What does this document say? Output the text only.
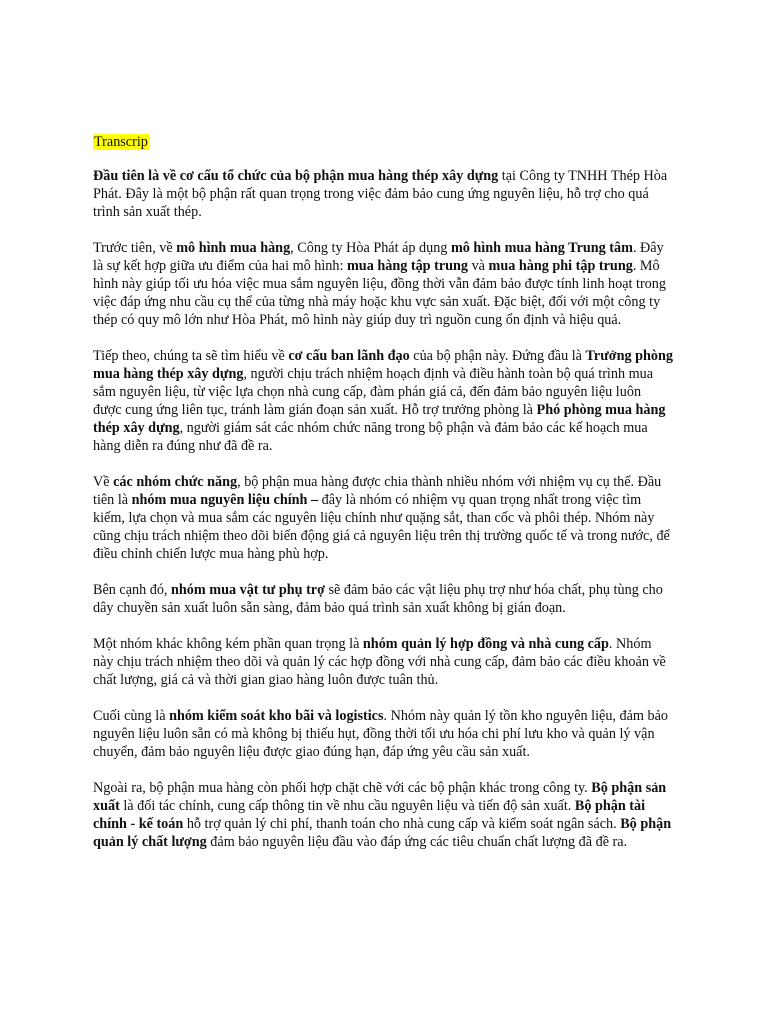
Transcrip

Đầu tiên là về cơ cấu tổ chức của bộ phận mua hàng thép xây dựng tại Công ty TNHH Thép Hòa Phát. Đây là một bộ phận rất quan trọng trong việc đảm bảo cung ứng nguyên liệu, hỗ trợ cho quá trình sản xuất thép.

Trước tiên, về mô hình mua hàng, Công ty Hòa Phát áp dụng mô hình mua hàng Trung tâm. Đây là sự kết hợp giữa ưu điểm của hai mô hình: mua hàng tập trung và mua hàng phi tập trung. Mô hình này giúp tối ưu hóa việc mua sắm nguyên liệu, đồng thời vẫn đảm bảo được tính linh hoạt trong việc đáp ứng nhu cầu cụ thể của từng nhà máy hoặc khu vực sản xuất. Đặc biệt, đối với một công ty thép có quy mô lớn như Hòa Phát, mô hình này giúp duy trì nguồn cung ổn định và hiệu quả.

Tiếp theo, chúng ta sẽ tìm hiểu về cơ cấu ban lãnh đạo của bộ phận này. Đứng đầu là Trưởng phòng mua hàng thép xây dựng, người chịu trách nhiệm hoạch định và điều hành toàn bộ quá trình mua sắm nguyên liệu, từ việc lựa chọn nhà cung cấp, đàm phán giá cả, đến đảm bảo nguyên liệu luôn được cung ứng liên tục, tránh làm gián đoạn sản xuất. Hỗ trợ trưởng phòng là Phó phòng mua hàng thép xây dựng, người giám sát các nhóm chức năng trong bộ phận và đảm bảo các kế hoạch mua hàng diễn ra đúng như đã đề ra.

Về các nhóm chức năng, bộ phận mua hàng được chia thành nhiều nhóm với nhiệm vụ cụ thể. Đầu tiên là nhóm mua nguyên liệu chính – đây là nhóm có nhiệm vụ quan trọng nhất trong việc tìm kiếm, lựa chọn và mua sắm các nguyên liệu chính như quặng sắt, than cốc và phôi thép. Nhóm này cũng chịu trách nhiệm theo dõi biến động giá cả nguyên liệu trên thị trường quốc tế và trong nước, để điều chỉnh chiến lược mua hàng phù hợp.

Bên cạnh đó, nhóm mua vật tư phụ trợ sẽ đảm bảo các vật liệu phụ trợ như hóa chất, phụ tùng cho dây chuyền sản xuất luôn sẵn sàng, đảm bảo quá trình sản xuất không bị gián đoạn.

Một nhóm khác không kém phần quan trọng là nhóm quản lý hợp đồng và nhà cung cấp. Nhóm này chịu trách nhiệm theo dõi và quản lý các hợp đồng với nhà cung cấp, đảm bảo các điều khoản về chất lượng, giá cả và thời gian giao hàng luôn được tuân thủ.

Cuối cùng là nhóm kiểm soát kho bãi và logistics. Nhóm này quản lý tồn kho nguyên liệu, đảm bảo nguyên liệu luôn sẵn có mà không bị thiếu hụt, đồng thời tối ưu hóa chi phí lưu kho và quản lý vận chuyển, đảm bảo nguyên liệu được giao đúng hạn, đáp ứng yêu cầu sản xuất.

Ngoài ra, bộ phận mua hàng còn phối hợp chặt chẽ với các bộ phận khác trong công ty. Bộ phận sản xuất là đối tác chính, cung cấp thông tin về nhu cầu nguyên liệu và tiến độ sản xuất. Bộ phận tài chính - kế toán hỗ trợ quản lý chi phí, thanh toán cho nhà cung cấp và kiểm soát ngân sách. Bộ phận quản lý chất lượng đảm bảo nguyên liệu đầu vào đáp ứng các tiêu chuẩn chất lượng đã đề ra.
